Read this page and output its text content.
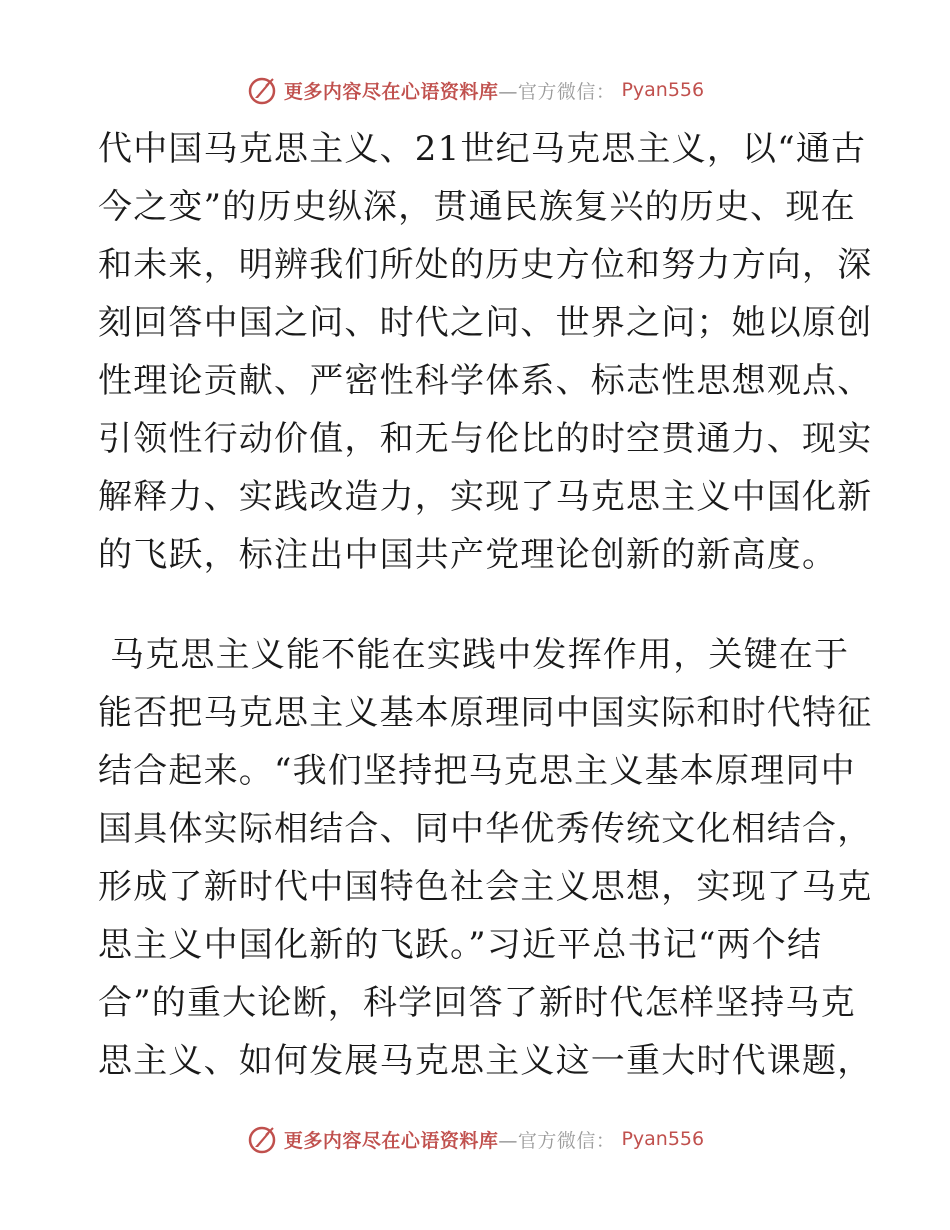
更多内容尽在心语资料库—官方微信： Pyan556
代中国马克思主义、21世纪马克思主义，以“通古
今之变”的历史纵深，贯通民族复兴的历史、现在
和未来，明辨我们所处的历史方位和努力方向，深
刻回答中国之问、时代之问、世界之问；她以原创
性理论贡献、严密性科学体系、标志性思想观点、
引领性行动价值，和无与伦比的时空贯通力、现实
解释力、实践改造力，实现了马克思主义中国化新
的飞跃，标注出中国共产党理论创新的新高度。
马克思主义能不能在实践中发挥作用，关键在于
能否把马克思主义基本原理同中国实际和时代特征
结合起来。“我们坚持把马克思主义基本原理同中
国具体实际相结合、同中华优秀传统文化相结合，
形成了新时代中国特色社会主义思想，实现了马克
思主义中国化新的飞跃。”习近平总书记“两个结
合”的重大论断，科学回答了新时代怎样坚持马克
思主义、如何发展马克思主义这一重大时代课题，
更多内容尽在心语资料库—官方微信： Pyan556
